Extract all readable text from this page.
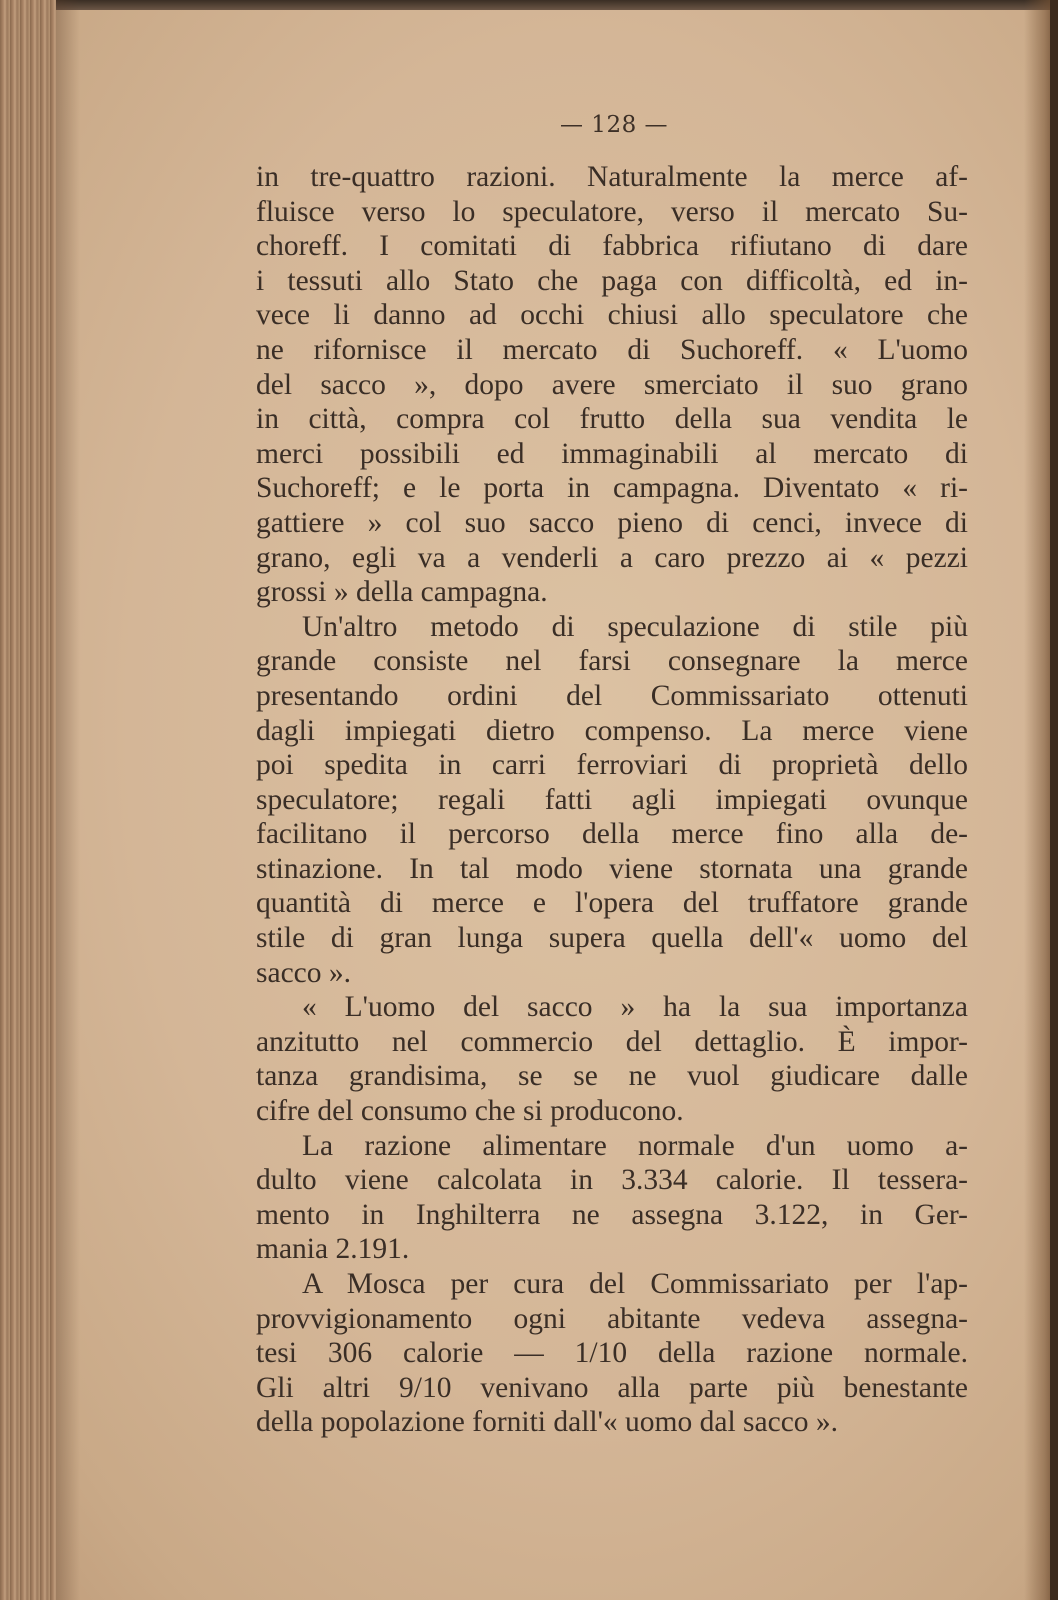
— 128 —
in tre-quattro razioni. Naturalmente la merce af-
fluisce verso lo speculatore, verso il mercato Su-
choreff. I comitati di fabbrica rifiutano di dare
i tessuti allo Stato che paga con difficoltà, ed in-
vece li danno ad occhi chiusi allo speculatore che
ne rifornisce il mercato di Suchoreff. « L'uomo
del sacco », dopo avere smerciato il suo grano
in città, compra col frutto della sua vendita le
merci possibili ed immaginabili al mercato di
Suchoreff; e le porta in campagna. Diventato « ri-
gattiere » col suo sacco pieno di cenci, invece di
grano, egli va a venderli a caro prezzo ai « pezzi
grossi » della campagna.
Un'altro metodo di speculazione di stile più
grande consiste nel farsi consegnare la merce
presentando ordini del Commissariato ottenuti
dagli impiegati dietro compenso. La merce viene
poi spedita in carri ferroviari di proprietà dello
speculatore; regali fatti agli impiegati ovunque
facilitano il percorso della merce fino alla de-
stinazione. In tal modo viene stornata una grande
quantità di merce e l'opera del truffatore grande
stile di gran lunga supera quella dell'« uomo del
sacco ».
« L'uomo del sacco » ha la sua importanza
anzitutto nel commercio del dettaglio. È impor-
tanza grandisima, se se ne vuol giudicare dalle
cifre del consumo che si producono.
La razione alimentare normale d'un uomo a-
dulto viene calcolata in 3.334 calorie. Il tessera-
mento in Inghilterra ne assegna 3.122, in Ger-
mania 2.191.
A Mosca per cura del Commissariato per l'ap-
provvigionamento ogni abitante vedeva assegna-
tesi 306 calorie — 1/10 della razione normale.
Gli altri 9/10 venivano alla parte più benestante
della popolazione forniti dall'« uomo dal sacco ».
